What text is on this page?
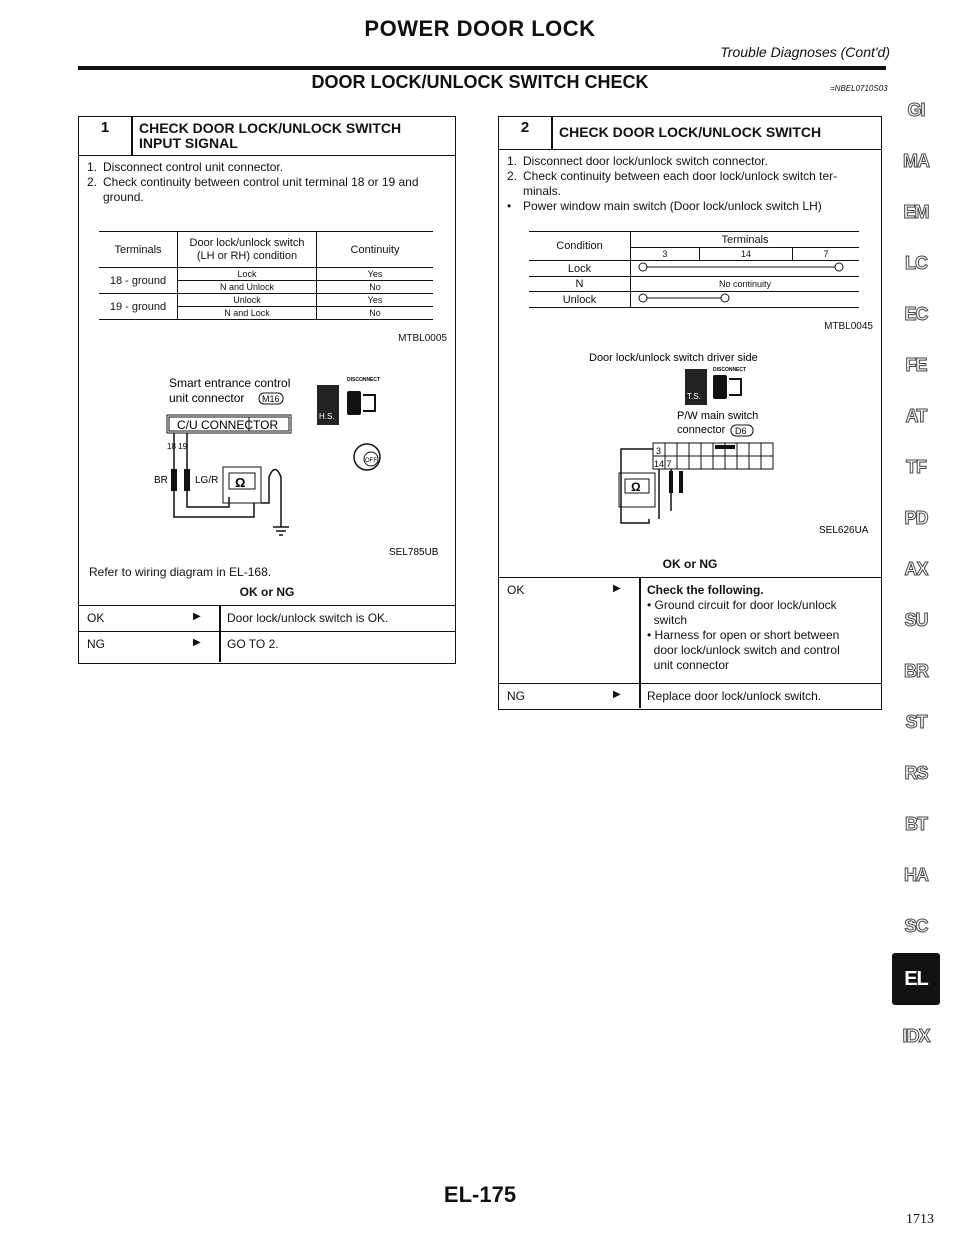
POWER DOOR LOCK
Trouble Diagnoses (Cont'd)
DOOR LOCK/UNLOCK SWITCH CHECK	=NBEL0710S03
1	CHECK DOOR LOCK/UNLOCK SWITCH
INPUT SIGNAL
1. Disconnect control unit connector.
2. Check continuity between control unit terminal 18 or 19 and
ground.
Terminals	Door lock/unlock switch
(LH or RH) condition	Continuity
18 - ground	Lock	Yes
	N and Unlock	No
19 - ground	Unlock	Yes
	N and Lock	No
MTBL0005
Smart entrance control
unit connector M16
C/U CONNECTOR
18 19
BR	LG/R Ω
H.S.
DISCONNECT
OFF
SEL785UB
Refer to wiring diagram in EL-168.
OK or NG
OK	▶ Door lock/unlock switch is OK.
NG	▶ GO TO 2.
2	CHECK DOOR LOCK/UNLOCK SWITCH
1. Disconnect door lock/unlock switch connector.
2. Check continuity between each door lock/unlock switch ter-
minals.
• Power window main switch (Door lock/unlock switch LH)
Condition	Terminals		
	3	14	7
Lock	
N	No continuity		
Unlock	
MTBL0045
Door lock/unlock switch driver side
T.S.
DISCONNECT
P/W main switch
connector D6
3
14 7
Ω
SEL626UA
OK or NG
OK	▶ Check the following.
• Ground circuit for door lock/unlock
switch
• Harness for open or short between
door lock/unlock switch and control
unit connector
NG	▶ Replace door lock/unlock switch.
GI
MA
EM
LC
EC
FE
AT
TF
PD
AX
SU
BR
ST
RS
BT
HA
SC
EL
IDX
EL-175
1713
